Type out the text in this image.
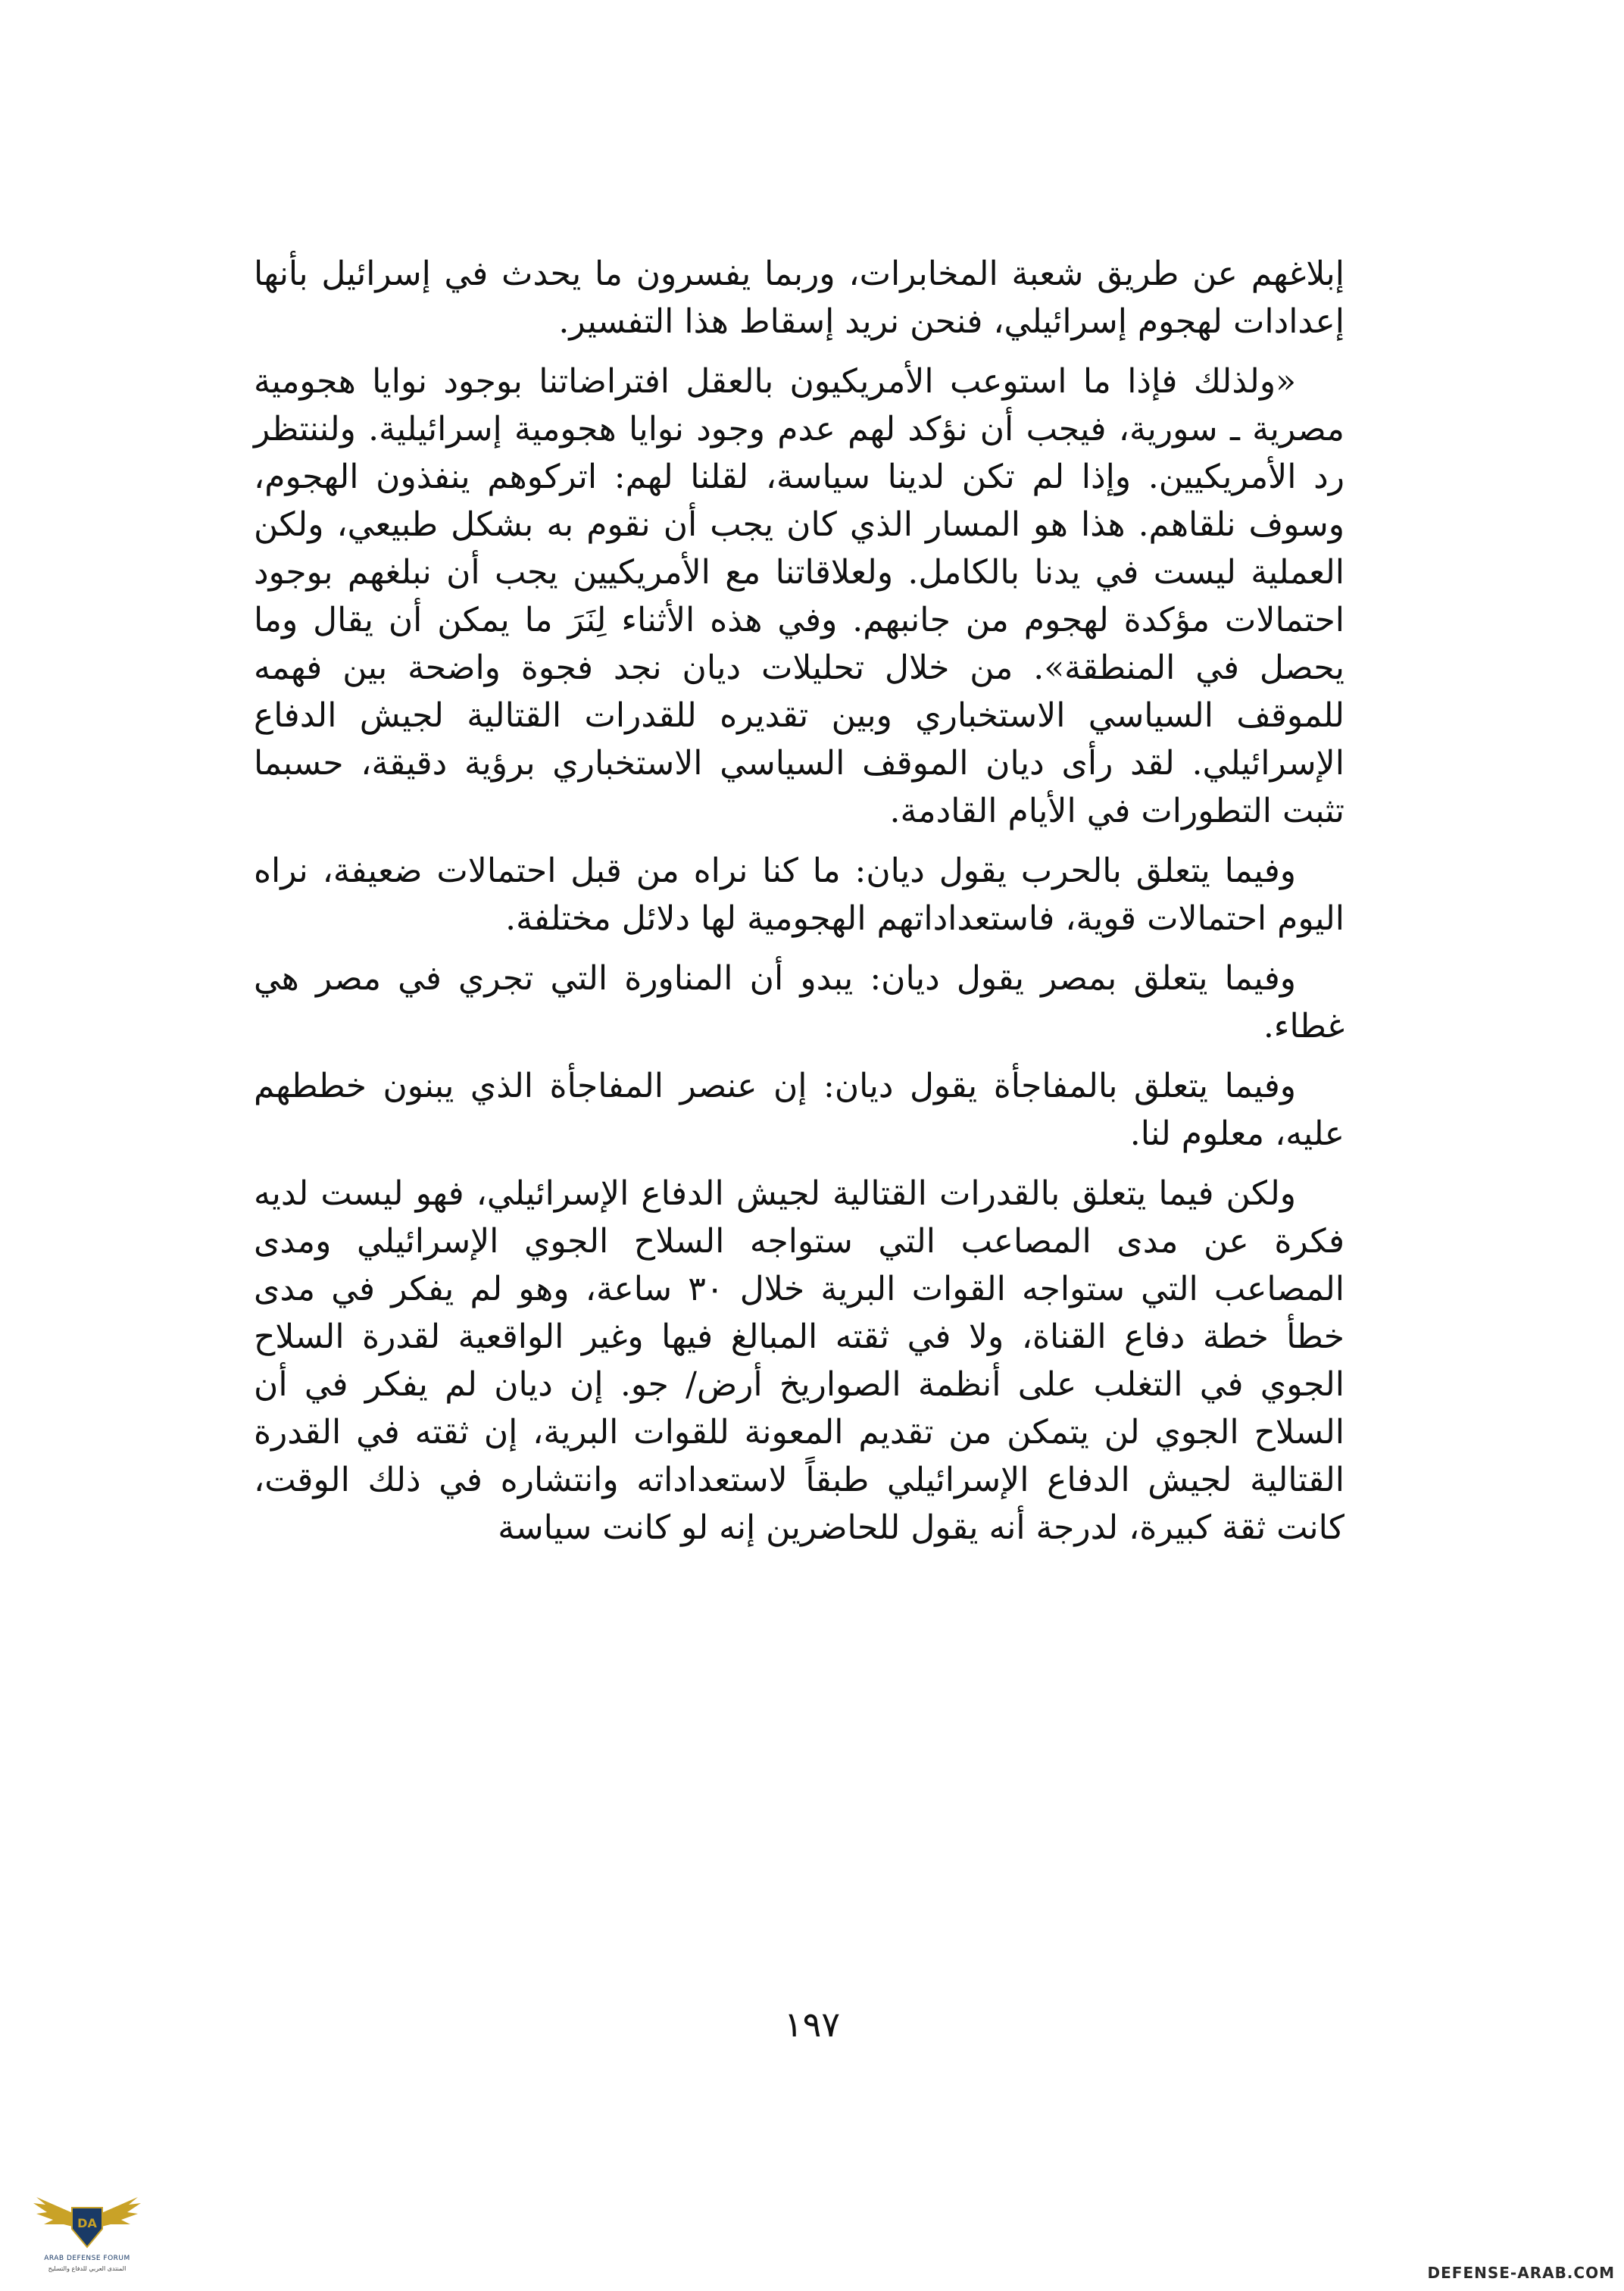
إبلاغهم عن طريق شعبة المخابرات، وربما يفسرون ما يحدث في إسرائيل بأنها إعدادات لهجوم إسرائيلي، فنحن نريد إسقاط هذا التفسير.

«ولذلك فإذا ما استوعب الأمريكيون بالعقل افتراضاتنا بوجود نوايا هجومية مصرية ـ سورية، فيجب أن نؤكد لهم عدم وجود نوايا هجومية إسرائيلية. ولننتظر رد الأمريكيين. وإذا لم تكن لدينا سياسة، لقلنا لهم: اتركوهم ينفذون الهجوم، وسوف نلقاهم. هذا هو المسار الذي كان يجب أن نقوم به بشكل طبيعي، ولكن العملية ليست في يدنا بالكامل. ولعلاقاتنا مع الأمريكيين يجب أن نبلغهم بوجود احتمالات مؤكدة لهجوم من جانبهم. وفي هذه الأثناء لِنَرَ ما يمكن أن يقال وما يحصل في المنطقة». من خلال تحليلات ديان نجد فجوة واضحة بين فهمه للموقف السياسي الاستخباري وبين تقديره للقدرات القتالية لجيش الدفاع الإسرائيلي. لقد رأى ديان الموقف السياسي الاستخباري برؤية دقيقة، حسبما تثبت التطورات في الأيام القادمة.

وفيما يتعلق بالحرب يقول ديان: ما كنا نراه من قبل احتمالات ضعيفة، نراه اليوم احتمالات قوية، فاستعداداتهم الهجومية لها دلائل مختلفة.

وفيما يتعلق بمصر يقول ديان: يبدو أن المناورة التي تجري في مصر هي غطاء.

وفيما يتعلق بالمفاجأة يقول ديان: إن عنصر المفاجأة الذي يبنون خططهم عليه، معلوم لنا.

ولكن فيما يتعلق بالقدرات القتالية لجيش الدفاع الإسرائيلي، فهو ليست لديه فكرة عن مدى المصاعب التي ستواجه السلاح الجوي الإسرائيلي ومدى المصاعب التي ستواجه القوات البرية خلال ٣٠ ساعة، وهو لم يفكر في مدى خطأ خطة دفاع القناة، ولا في ثقته المبالغ فيها وغير الواقعية لقدرة السلاح الجوي في التغلب على أنظمة الصواريخ أرض/ جو. إن ديان لم يفكر في أن السلاح الجوي لن يتمكن من تقديم المعونة للقوات البرية، إن ثقته في القدرة القتالية لجيش الدفاع الإسرائيلي طبقاً لاستعداداته وانتشاره في ذلك الوقت، كانت ثقة كبيرة، لدرجة أنه يقول للحاضرين إنه لو كانت سياسة

١٩٧
DA
ARAB DEFENSE FORUM
المنتدى العربي للدفاع والتسليح	DEFENSE-ARAB.COM
